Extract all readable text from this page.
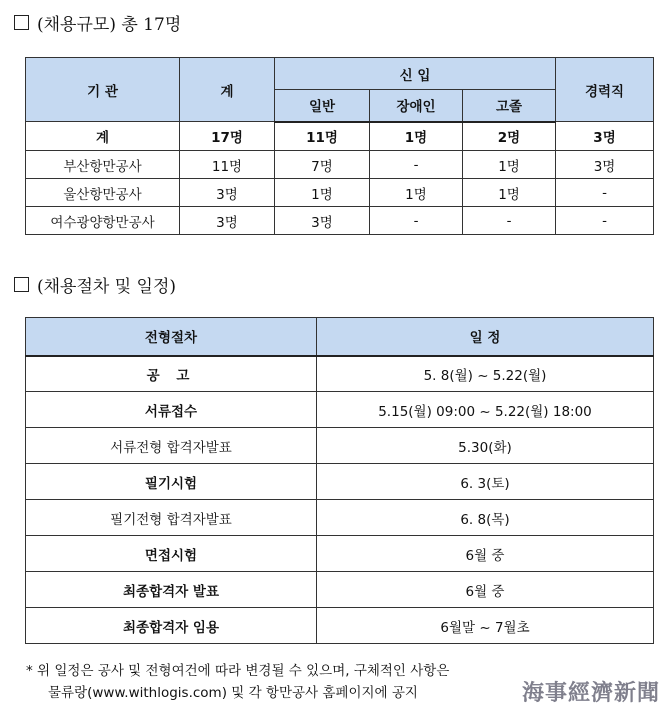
(채용규모) 총 17명
기 관	계	신 입			경력직
		일반	장애인	고졸	
계	17명	11명	1명	2명	3명
부산항만공사	11명	7명	-	1명	3명
울산항만공사	3명	1명	1명	1명	-
여수광양항만공사	3명	3명	-	-	-
(채용절차 및 일정)
전형절차	일 정
공 고	5. 8(월) ~ 5.22(월)
서류접수	5.15(월) 09:00 ~ 5.22(월) 18:00
서류전형 합격자발표	5.30(화)
필기시험	6. 3(토)
필기전형 합격자발표	6. 8(목)
면접시험	6월 중
최종합격자 발표	6월 중
최종합격자 임용	6월말 ~ 7월초
* 위 일정은 공사 및 전형여건에 따라 변경될 수 있으며, 구체적인 사항은
물류랑(www.withlogis.com) 및 각 항만공사 홈페이지에 공지	海事經濟新聞
